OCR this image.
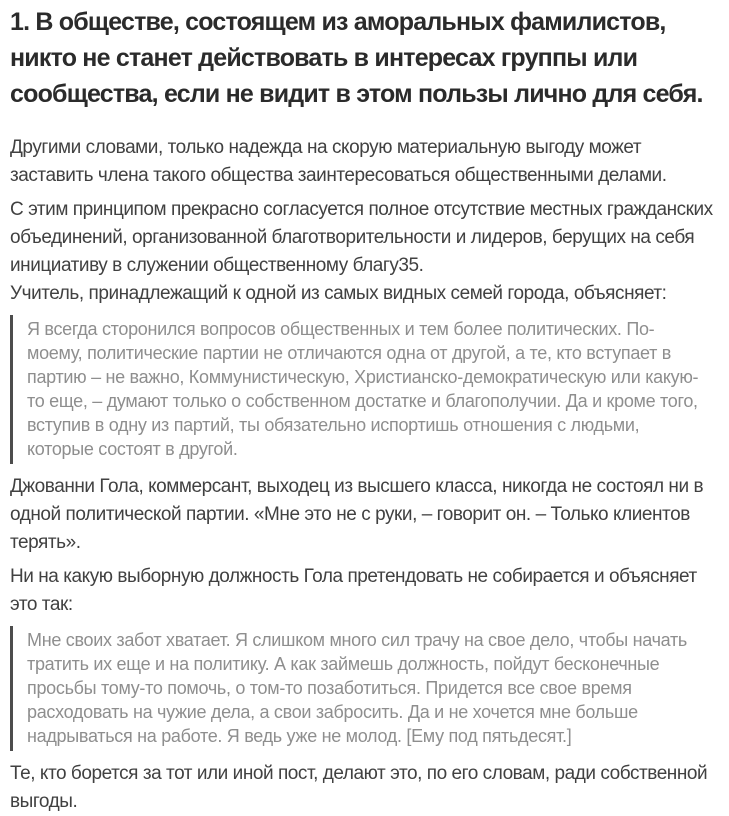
1. В обществе, состоящем из аморальных фамилистов, никто не станет действовать в интересах группы или сообщества, если не видит в этом пользы лично для себя.

Другими словами, только надежда на скорую материальную выгоду может заставить члена такого общества заинтересоваться общественными делами.

С этим принципом прекрасно согласуется полное отсутствие местных гражданских объединений, организованной благотворительности и лидеров, берущих на себя инициативу в служении общественному благу35.

Учитель, принадлежащий к одной из самых видных семей города, объясняет:

Я всегда сторонился вопросов общественных и тем более политических. По-моему, политические партии не отличаются одна от другой, а те, кто вступает в партию – не важно, Коммунистическую, Христианско-демократическую или какую-то еще, – думают только о собственном достатке и благополучии. Да и кроме того, вступив в одну из партий, ты обязательно испортишь отношения с людьми, которые состоят в другой.

Джованни Гола, коммерсант, выходец из высшего класса, никогда не состоял ни в одной политической партии. «Мне это не с руки, – говорит он. – Только клиентов терять».

Ни на какую выборную должность Гола претендовать не собирается и объясняет это так:

Мне своих забот хватает. Я слишком много сил трачу на свое дело, чтобы начать тратить их еще и на политику. А как займешь должность, пойдут бесконечные просьбы тому-то помочь, о том-то позаботиться. Придется все свое время расходовать на чужие дела, а свои забросить. Да и не хочется мне больше надрываться на работе. Я ведь уже не молод. [Ему под пятьдесят.]

Те, кто борется за тот или иной пост, делают это, по его словам, ради собственной выгоды.
